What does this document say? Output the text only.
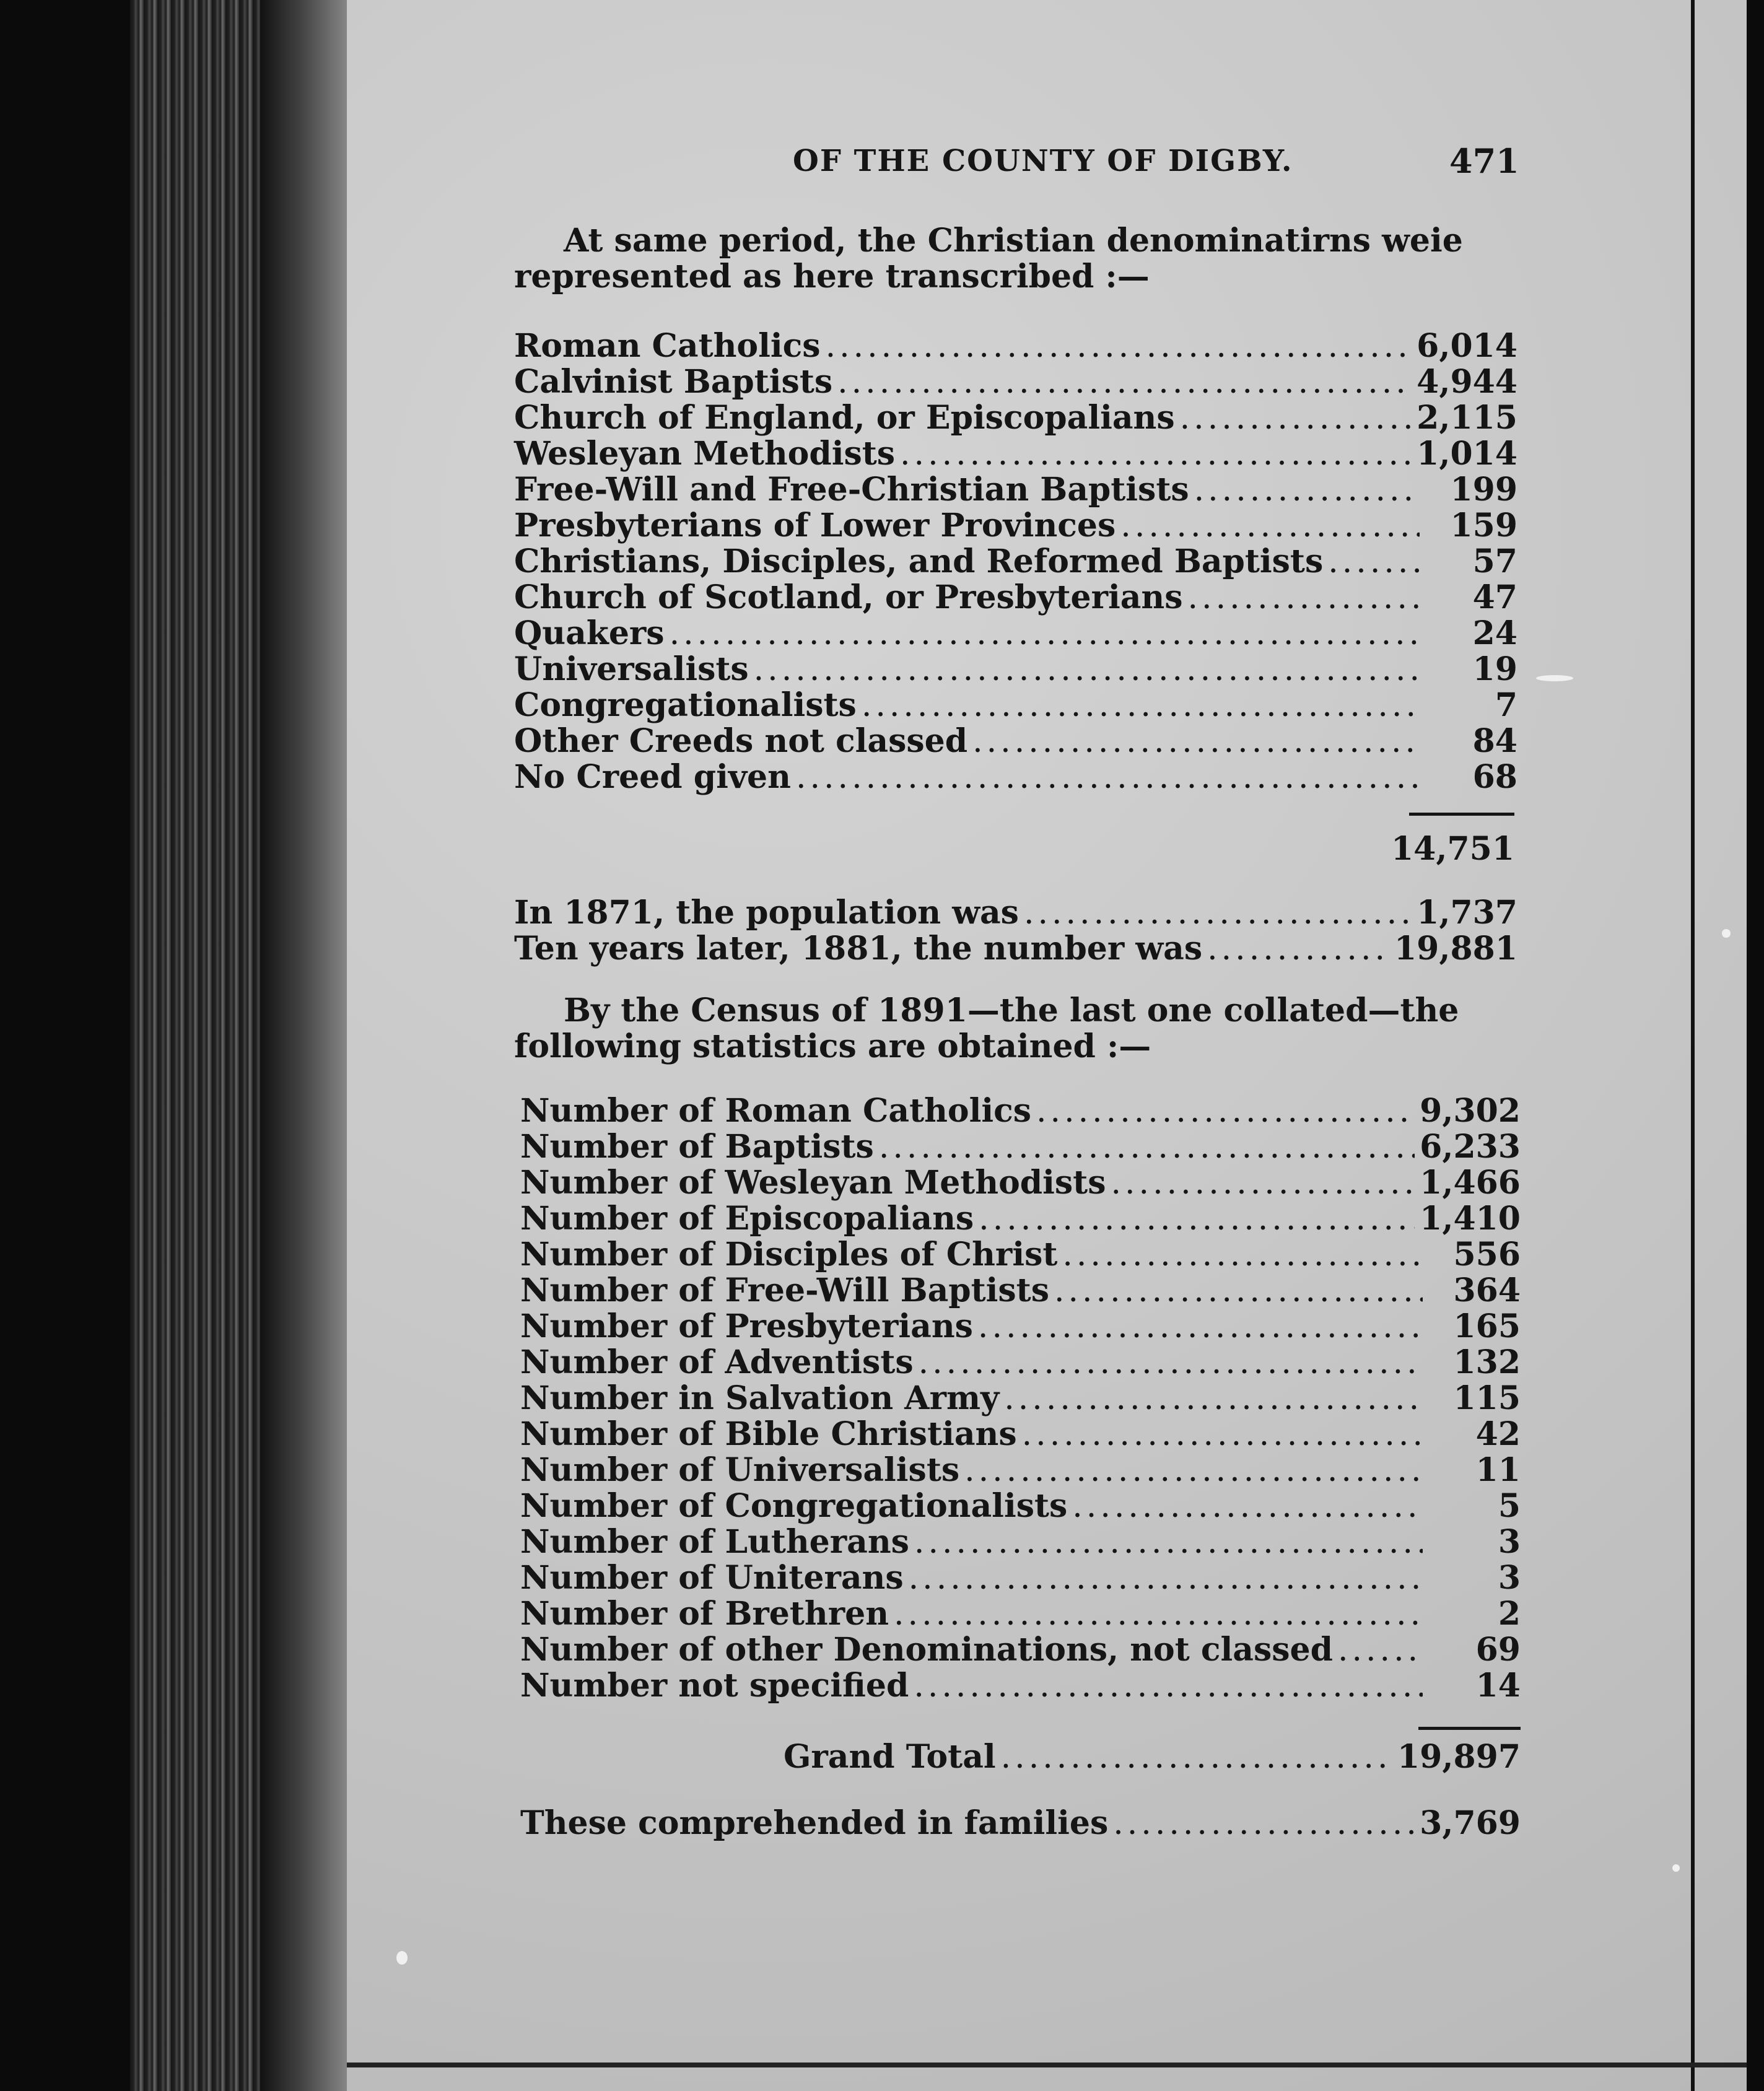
OF THE COUNTY OF DIGBY.	471
At same period, the Christian denominatirns weie represented as here transcribed :—
Roman Catholics .....	6,014
Calvinist Baptists .....	4,944
Church of England, or Episcopalians .....	2,115
Wesleyan Methodists .....	1,014
Free-Will and Free-Christian Baptists .....	199
Presbyterians of Lower Provinces .....	159
Christians, Disciples, and Reformed Baptists .....	57
Church of Scotland, or Presbyterians .....	47
Quakers .....	24
Universalists .....	19
Congregationalists .....	7
Other Creeds not classed .....	84
No Creed given .....	68
14,751
In 1871, the population was .....	1,737
Ten years later, 1881, the number was .....	19,881
By the Census of 1891—the last one collated—the following statistics are obtained :—
Number of Roman Catholics .....	9,302
Number of Baptists .....	6,233
Number of Wesleyan Methodists .....	1,466
Number of Episcopalians .....	1,410
Number of Disciples of Christ .....	556
Number of Free-Will Baptists .....	364
Number of Presbyterians .....	165
Number of Adventists .....	132
Number in Salvation Army .....	115
Number of Bible Christians .....	42
Number of Universalists .....	11
Number of Congregationalists .....	5
Number of Lutherans .....	3
Number of Uniterans .....	3
Number of Brethren .....	2
Number of other Denominations, not classed .....	69
Number not specified .....	14
Grand Total .....	19,897
These comprehended in families .....	3,769
